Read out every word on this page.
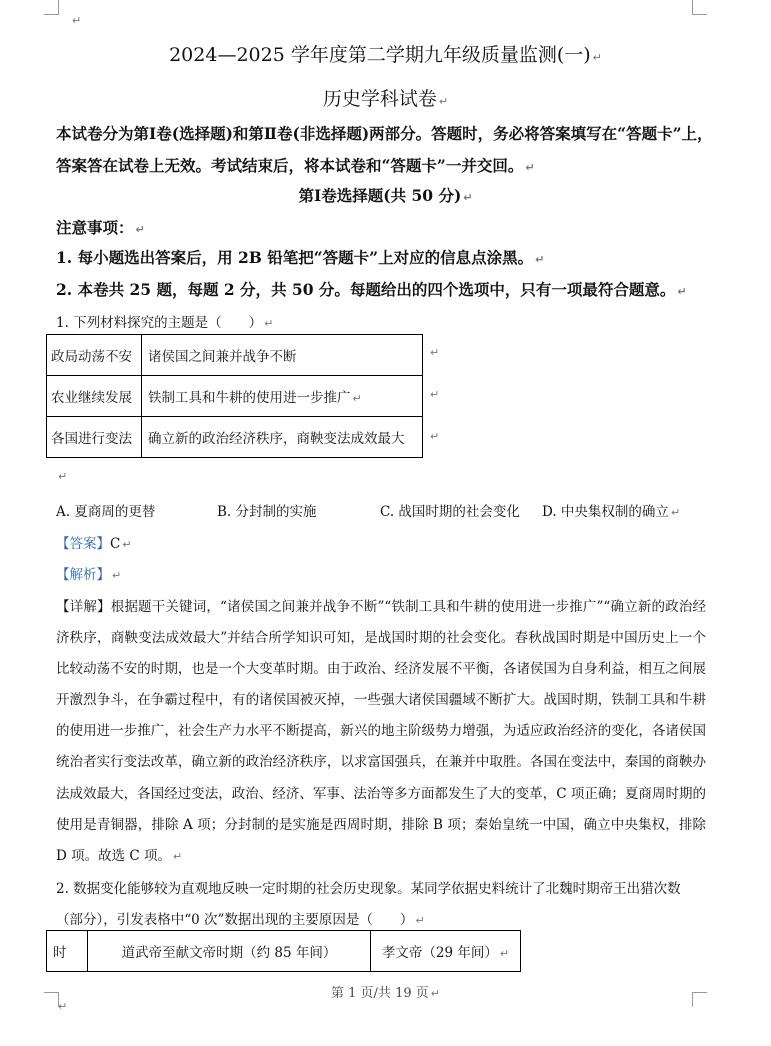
↵
2024—2025 学年度第二学期九年级质量监测(一) ↵
历史学科试卷 ↵
本试卷分为第Ⅰ卷(选择题)和第Ⅱ卷(非选择题)两部分。答题时，务必将答案填写在“答题卡”上，答案答在试卷上无效。考试结束后，将本试卷和“答题卡”一并交回。 ↵
第Ⅰ卷选择题(共 50 分) ↵
注意事项： ↵
1. 每小题选出答案后，用 2B 铅笔把“答题卡”上对应的信息点涂黑。 ↵
2. 本卷共 25 题，每题 2 分，共 50 分。每题给出的四个选项中，只有一项最符合题意。 ↵
1. 下列材料探究的主题是（　　） ↵
政局动荡不安	诸侯国之间兼并战争不断
农业继续发展	铁制工具和牛耕的使用进一步推广 ↵
各国进行变法	确立新的政治经济秩序，商鞅变法成效最大
↵
↵
↵
↵
A. 夏商周的更替	B. 分封制的实施	C. 战国时期的社会变化 D. 中央集权制的确立 ↵
【答案】C ↵
【解析】 ↵
【详解】根据题干关键词，“诸侯国之间兼并战争不断”“铁制工具和牛耕的使用进一步推广”“确立新的政治经济秩序，商鞅变法成效最大”并结合所学知识可知，是战国时期的社会变化。春秋战国时期是中国历史上一个比较动荡不安的时期，也是一个大变革时期。由于政治、经济发展不平衡，各诸侯国为自身利益，相互之间展开激烈争斗，在争霸过程中，有的诸侯国被灭掉，一些强大诸侯国疆域不断扩大。战国时期，铁制工具和牛耕的使用进一步推广，社会生产力水平不断提高，新兴的地主阶级势力增强，为适应政治经济的变化，各诸侯国统治者实行变法改革，确立新的政治经济秩序，以求富国强兵，在兼并中取胜。各国在变法中，秦国的商鞅办法成效最大，各国经过变法，政治、经济、军事、法治等多方面都发生了大的变革，C 项正确；夏商周时期的使用是青铜器，排除 A 项；分封制的是实施是西周时期，排除 B 项；秦始皇统一中国，确立中央集权，排除 D 项。故选 C 项。 ↵
2. 数据变化能够较为直观地反映一定时期的社会历史现象。某同学依据史料统计了北魏时期帝王出猎次数（部分），引发表格中“0 次”数据出现的主要原因是（　　） ↵
时	道武帝至献文帝时期（约 85 年间）	孝文帝（29 年间） ↵
第 1 页/共 19 页 ↵
↵
